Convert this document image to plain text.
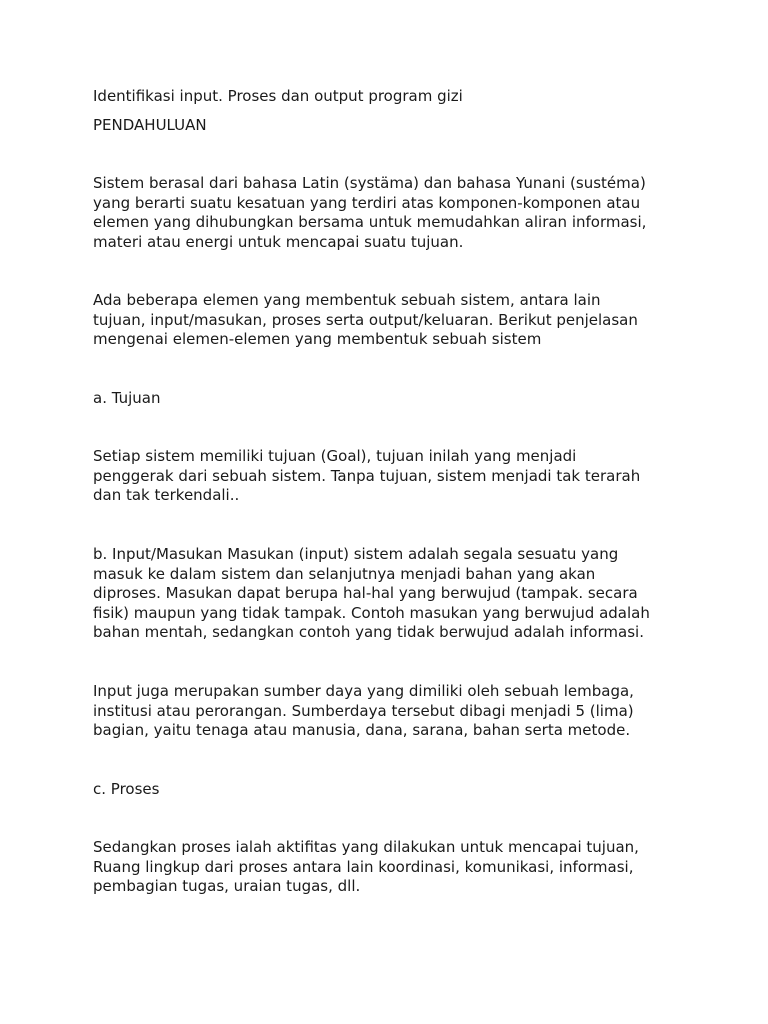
Identifikasi input. Proses dan output program gizi

PENDAHULUAN

Sistem berasal dari bahasa Latin (systäma) dan bahasa Yunani (sustéma)
yang berarti suatu kesatuan yang terdiri atas komponen-komponen atau
elemen yang dihubungkan bersama untuk memudahkan aliran informasi,
materi atau energi untuk mencapai suatu tujuan.

Ada beberapa elemen yang membentuk sebuah sistem, antara lain
tujuan, input/masukan, proses serta output/keluaran. Berikut penjelasan
mengenai elemen-elemen yang membentuk sebuah sistem

a. Tujuan

Setiap sistem memiliki tujuan (Goal), tujuan inilah yang menjadi
penggerak dari sebuah sistem. Tanpa tujuan, sistem menjadi tak terarah
dan tak terkendali..

b. Input/Masukan Masukan (input) sistem adalah segala sesuatu yang
masuk ke dalam sistem dan selanjutnya menjadi bahan yang akan
diproses. Masukan dapat berupa hal-hal yang berwujud (tampak. secara
fisik) maupun yang tidak tampak. Contoh masukan yang berwujud adalah
bahan mentah, sedangkan contoh yang tidak berwujud adalah informasi.

Input juga merupakan sumber daya yang dimiliki oleh sebuah lembaga,
institusi atau perorangan. Sumberdaya tersebut dibagi menjadi 5 (lima)
bagian, yaitu tenaga atau manusia, dana, sarana, bahan serta metode.

c. Proses

Sedangkan proses ialah aktifitas yang dilakukan untuk mencapai tujuan,
Ruang lingkup dari proses antara lain koordinasi, komunikasi, informasi,
pembagian tugas, uraian tugas, dll.
